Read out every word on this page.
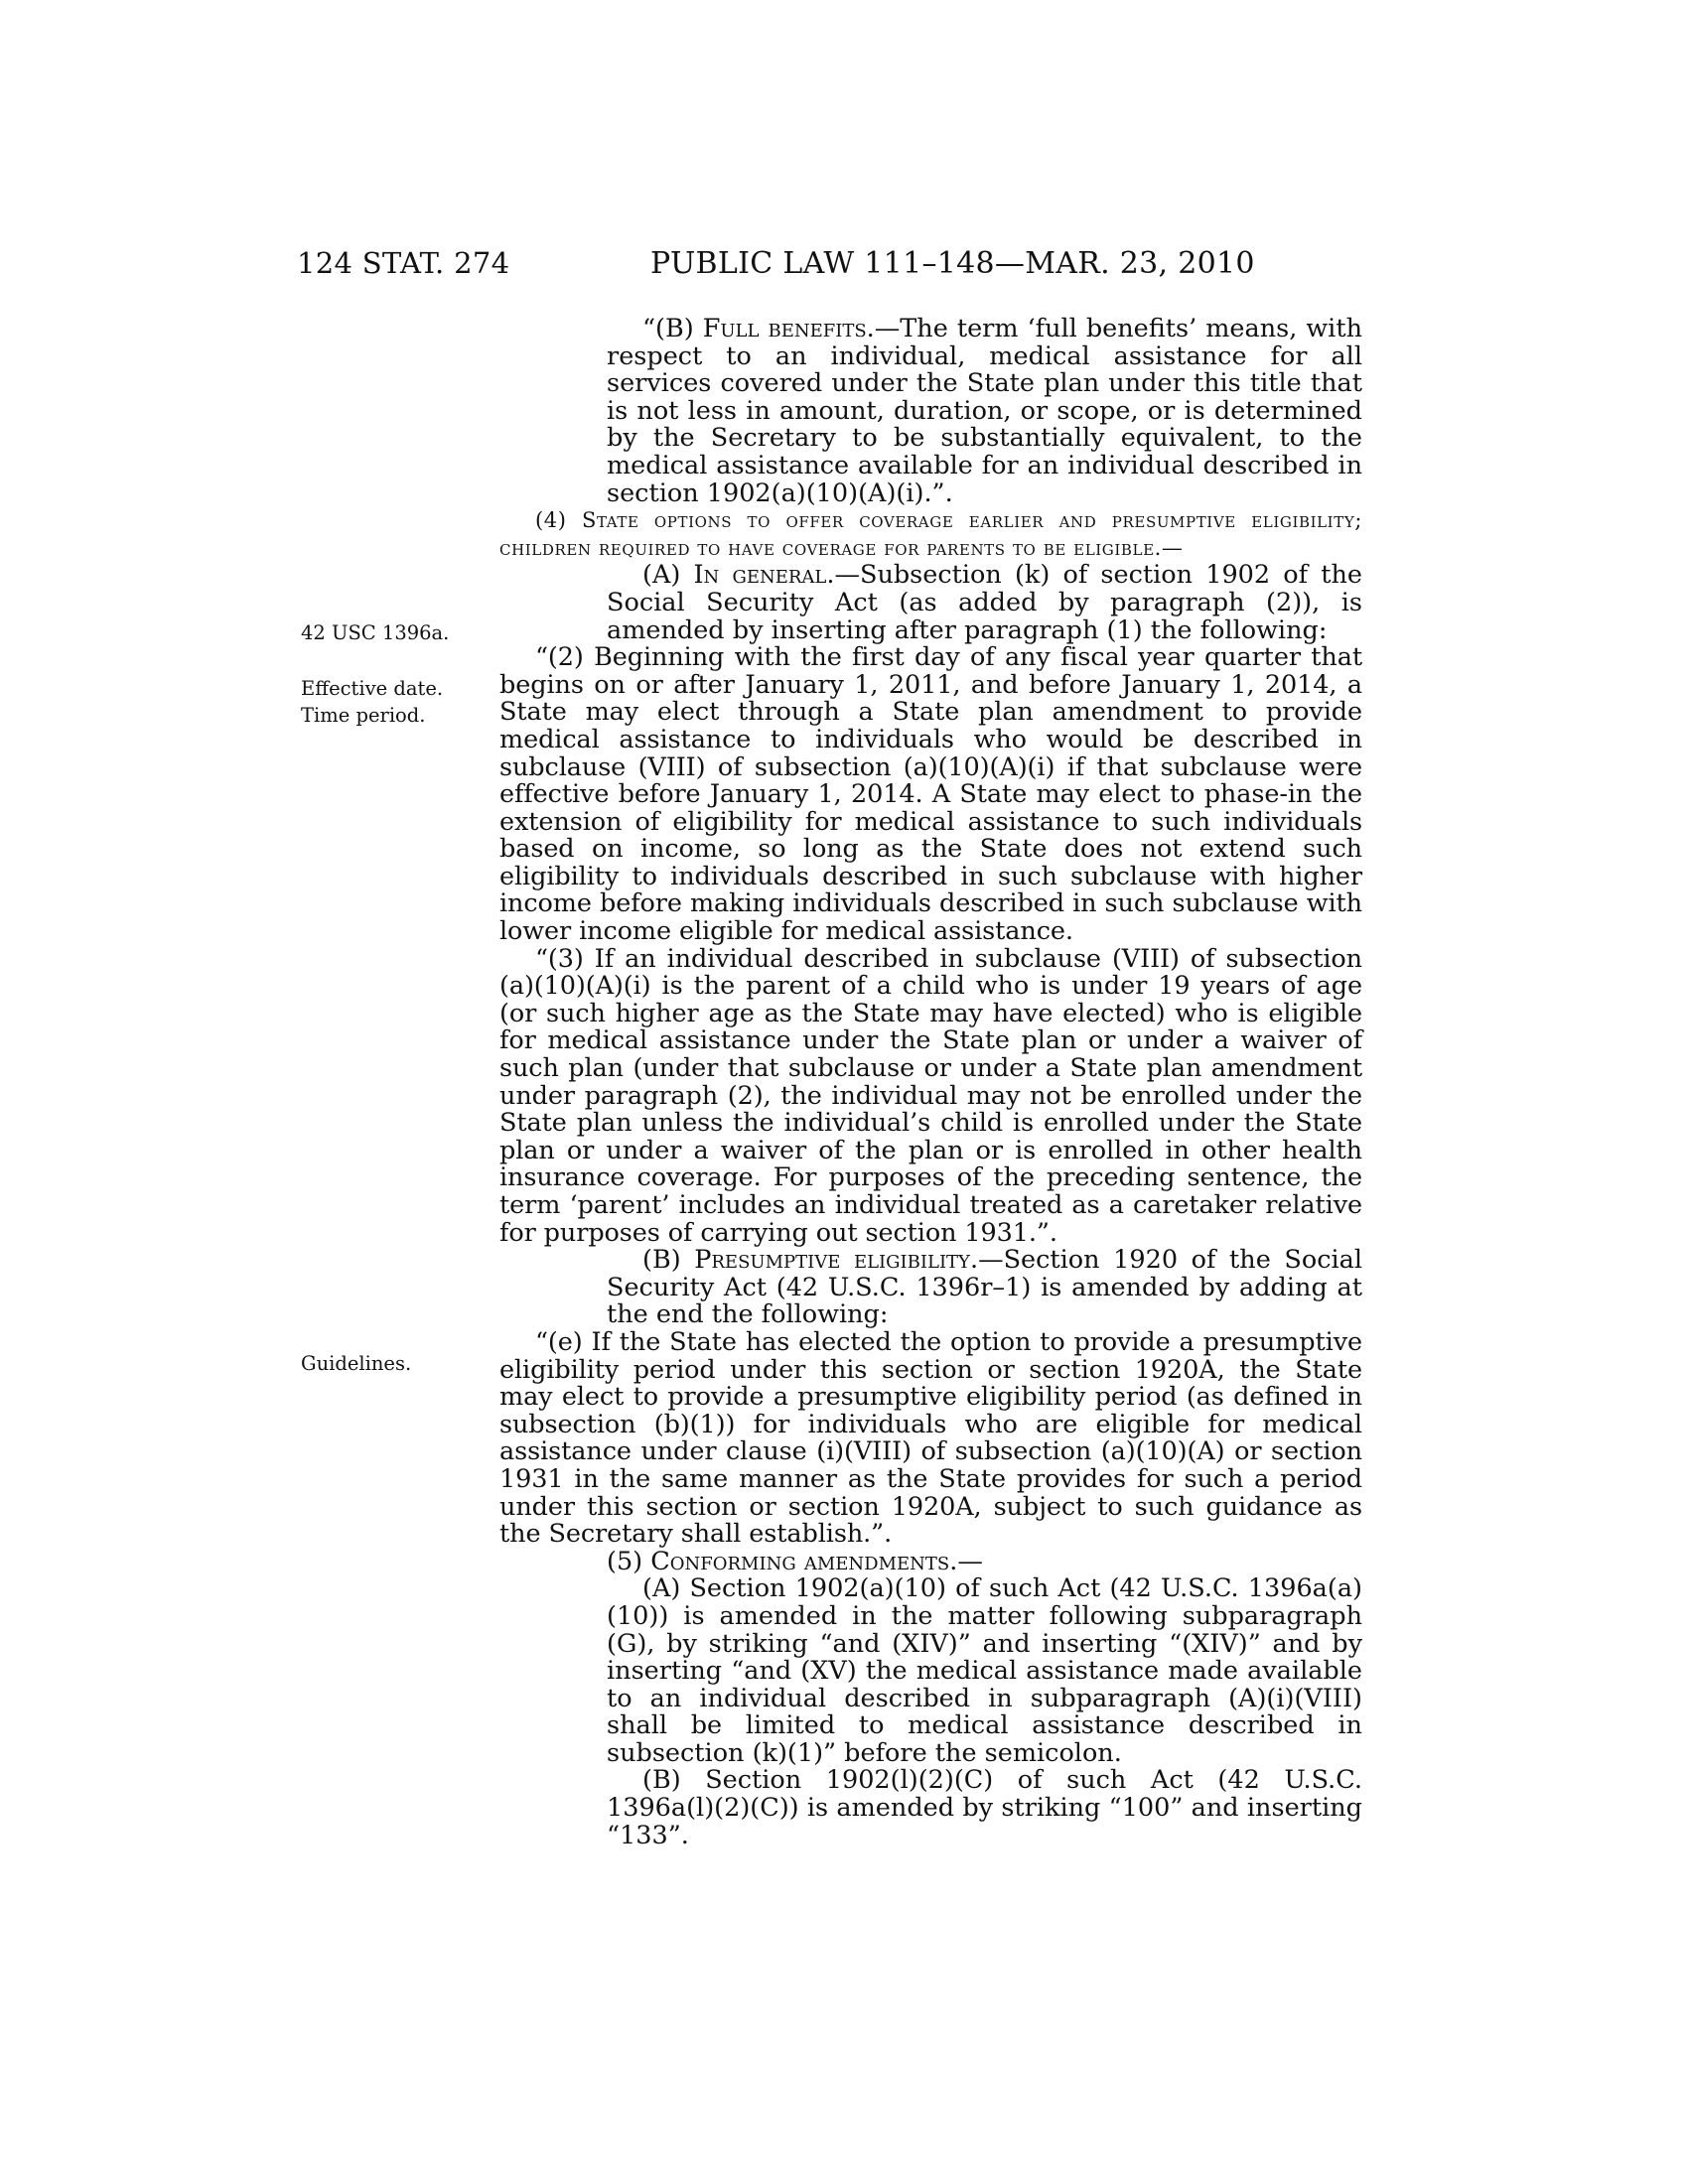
124 STAT. 274	PUBLIC LAW 111–148—MAR. 23, 2010
42 USC 1396a.
Effective date.
Time period.
Guidelines.

“(B) Full benefits.—The term ‘full benefits’ means, with respect to an individual, medical assistance for all services covered under the State plan under this title that is not less in amount, duration, or scope, or is determined by the Secretary to be substantially equivalent, to the medical assistance available for an individual described in section 1902(a)(10)(A)(i).”.

(4) State options to offer coverage earlier and presumptive eligibility; children required to have coverage for parents to be eligible.—

(A) In general.—Subsection (k) of section 1902 of the Social Security Act (as added by paragraph (2)), is amended by inserting after paragraph (1) the following:

“(2) Beginning with the first day of any fiscal year quarter that begins on or after January 1, 2011, and before January 1, 2014, a State may elect through a State plan amendment to provide medical assistance to individuals who would be described in subclause (VIII) of subsection (a)(10)(A)(i) if that subclause were effective before January 1, 2014. A State may elect to phase-in the extension of eligibility for medical assistance to such individuals based on income, so long as the State does not extend such eligibility to individuals described in such subclause with higher income before making individuals described in such subclause with lower income eligible for medical assistance.

“(3) If an individual described in subclause (VIII) of subsection (a)(10)(A)(i) is the parent of a child who is under 19 years of age (or such higher age as the State may have elected) who is eligible for medical assistance under the State plan or under a waiver of such plan (under that subclause or under a State plan amendment under paragraph (2), the individual may not be enrolled under the State plan unless the individual’s child is enrolled under the State plan or under a waiver of the plan or is enrolled in other health insurance coverage. For purposes of the preceding sentence, the term ‘parent’ includes an individual treated as a caretaker relative for purposes of carrying out section 1931.”.

(B) Presumptive eligibility.—Section 1920 of the Social Security Act (42 U.S.C. 1396r–1) is amended by adding at the end the following:

“(e) If the State has elected the option to provide a presumptive eligibility period under this section or section 1920A, the State may elect to provide a presumptive eligibility period (as defined in subsection (b)(1)) for individuals who are eligible for medical assistance under clause (i)(VIII) of subsection (a)(10)(A) or section 1931 in the same manner as the State provides for such a period under this section or section 1920A, subject to such guidance as the Secretary shall establish.”.

(5) Conforming amendments.—

(A) Section 1902(a)(10) of such Act (42 U.S.C. 1396a(a)(10)) is amended in the matter following subparagraph (G), by striking “and (XIV)” and inserting “(XIV)” and by inserting “and (XV) the medical assistance made available to an individual described in subparagraph (A)(i)(VIII) shall be limited to medical assistance described in subsection (k)(1)” before the semicolon.

(B) Section 1902(l)(2)(C) of such Act (42 U.S.C. 1396a(l)(2)(C)) is amended by striking “100” and inserting “133”.
